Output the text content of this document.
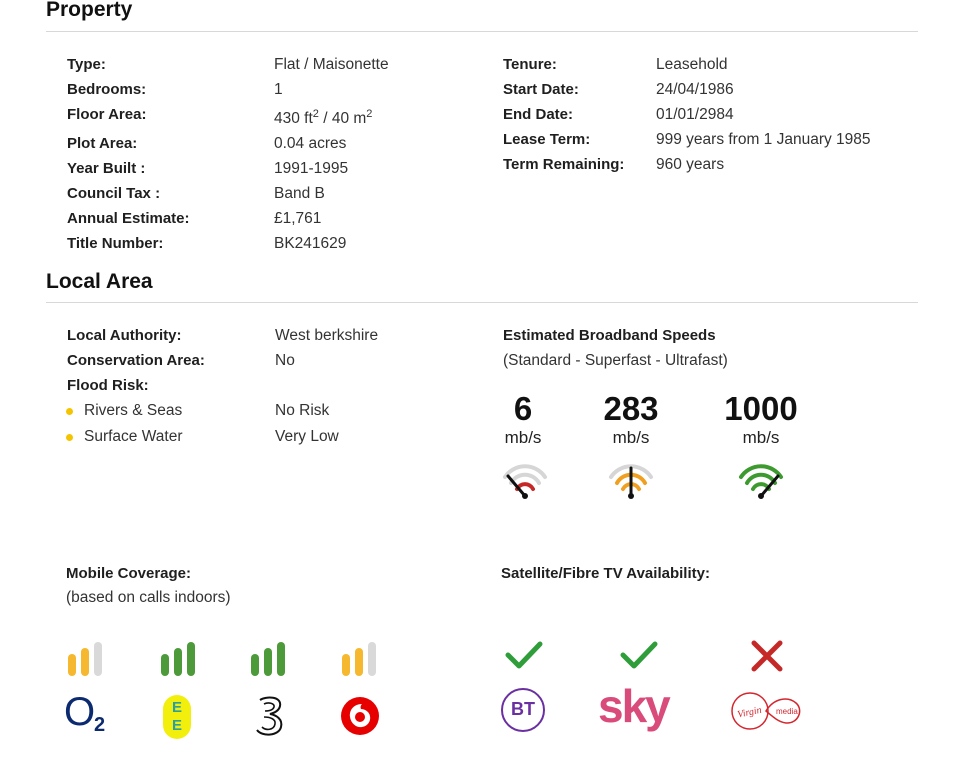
Property
Type:	Flat / Maisonette
Bedrooms:	1
Floor Area:	430 $ft^2 / 40$ $m^2$
Plot Area:	0.04 acres
Year Built :	1991-1995
Council Tax :	Band B
Annual Estimate:	£1,761
Title Number:	BK241629
Tenure:	Leasehold
Start Date:	24/04/1986
End Date:	01/01/2984
Lease Term:	999 years from 1 January 1985
Term Remaining: 960 years
Local Area
Local Authority:	West berkshire
Conservation Area:	No
Flood Risk:
Rivers & Seas	No Risk
Surface Water	Very Low
Estimated Broadband Speeds
(Standard - Superfast - Ultrafast)
6
mb/s
283
mb/s
1000
mb/s
Mobile Coverage:
(based on calls indoors)
O
2
E
E
Satellite/Fibre TV Availability:
BT sky	Virgin media
